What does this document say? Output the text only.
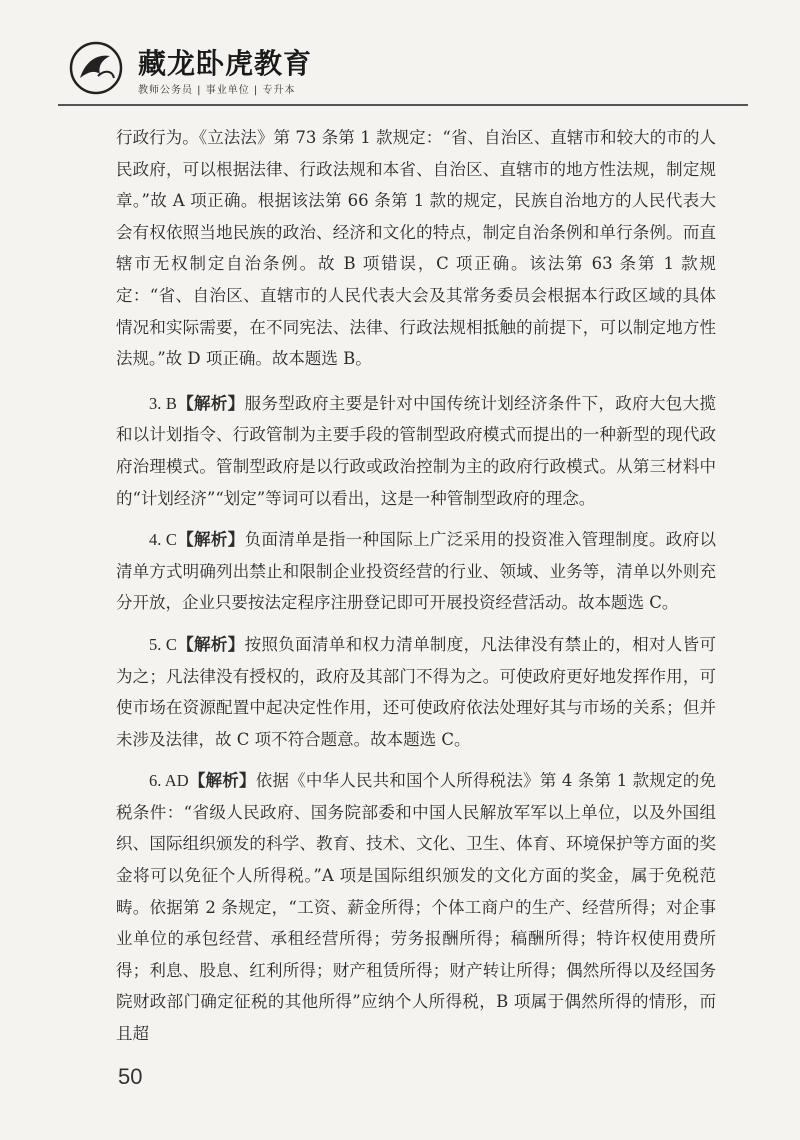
藏龙卧虎教育
教师公务员 | 事业单位 | 专升本

行政行为。《立法法》第 73 条第 1 款规定：“省、自治区、直辖市和较大的市的人民政府，可以根据法律、行政法规和本省、自治区、直辖市的地方性法规，制定规章。”故 A 项正确。根据该法第 66 条第 1 款的规定，民族自治地方的人民代表大会有权依照当地民族的政治、经济和文化的特点，制定自治条例和单行条例。而直辖市无权制定自治条例。故 B 项错误，C 项正确。该法第 63 条第 1 款规定：“省、自治区、直辖市的人民代表大会及其常务委员会根据本行政区域的具体情况和实际需要，在不同宪法、法律、行政法规相抵触的前提下，可以制定地方性法规。”故 D 项正确。故本题选 B。

3. B【解析】服务型政府主要是针对中国传统计划经济条件下，政府大包大揽和以计划指令、行政管制为主要手段的管制型政府模式而提出的一种新型的现代政府治理模式。管制型政府是以行政或政治控制为主的政府行政模式。从第三材料中的“计划经济”“划定”等词可以看出，这是一种管制型政府的理念。

4. C【解析】负面清单是指一种国际上广泛采用的投资准入管理制度。政府以清单方式明确列出禁止和限制企业投资经营的行业、领域、业务等，清单以外则充分开放，企业只要按法定程序注册登记即可开展投资经营活动。故本题选 C。

5. C【解析】按照负面清单和权力清单制度，凡法律没有禁止的，相对人皆可为之；凡法律没有授权的，政府及其部门不得为之。可使政府更好地发挥作用，可使市场在资源配置中起决定性作用，还可使政府依法处理好其与市场的关系；但并未涉及法律，故 C 项不符合题意。故本题选 C。

6. AD【解析】依据《中华人民共和国个人所得税法》第 4 条第 1 款规定的免税条件：“省级人民政府、国务院部委和中国人民解放军军以上单位，以及外国组织、国际组织颁发的科学、教育、技术、文化、卫生、体育、环境保护等方面的奖金将可以免征个人所得税。”A 项是国际组织颁发的文化方面的奖金，属于免税范畴。依据第 2 条规定，“工资、薪金所得；个体工商户的生产、经营所得；对企事业单位的承包经营、承租经营所得；劳务报酬所得；稿酬所得；特许权使用费所得；利息、股息、红利所得；财产租赁所得；财产转让所得；偶然所得以及经国务院财政部门确定征税的其他所得”应纳个人所得税，B 项属于偶然所得的情形，而且超

50
